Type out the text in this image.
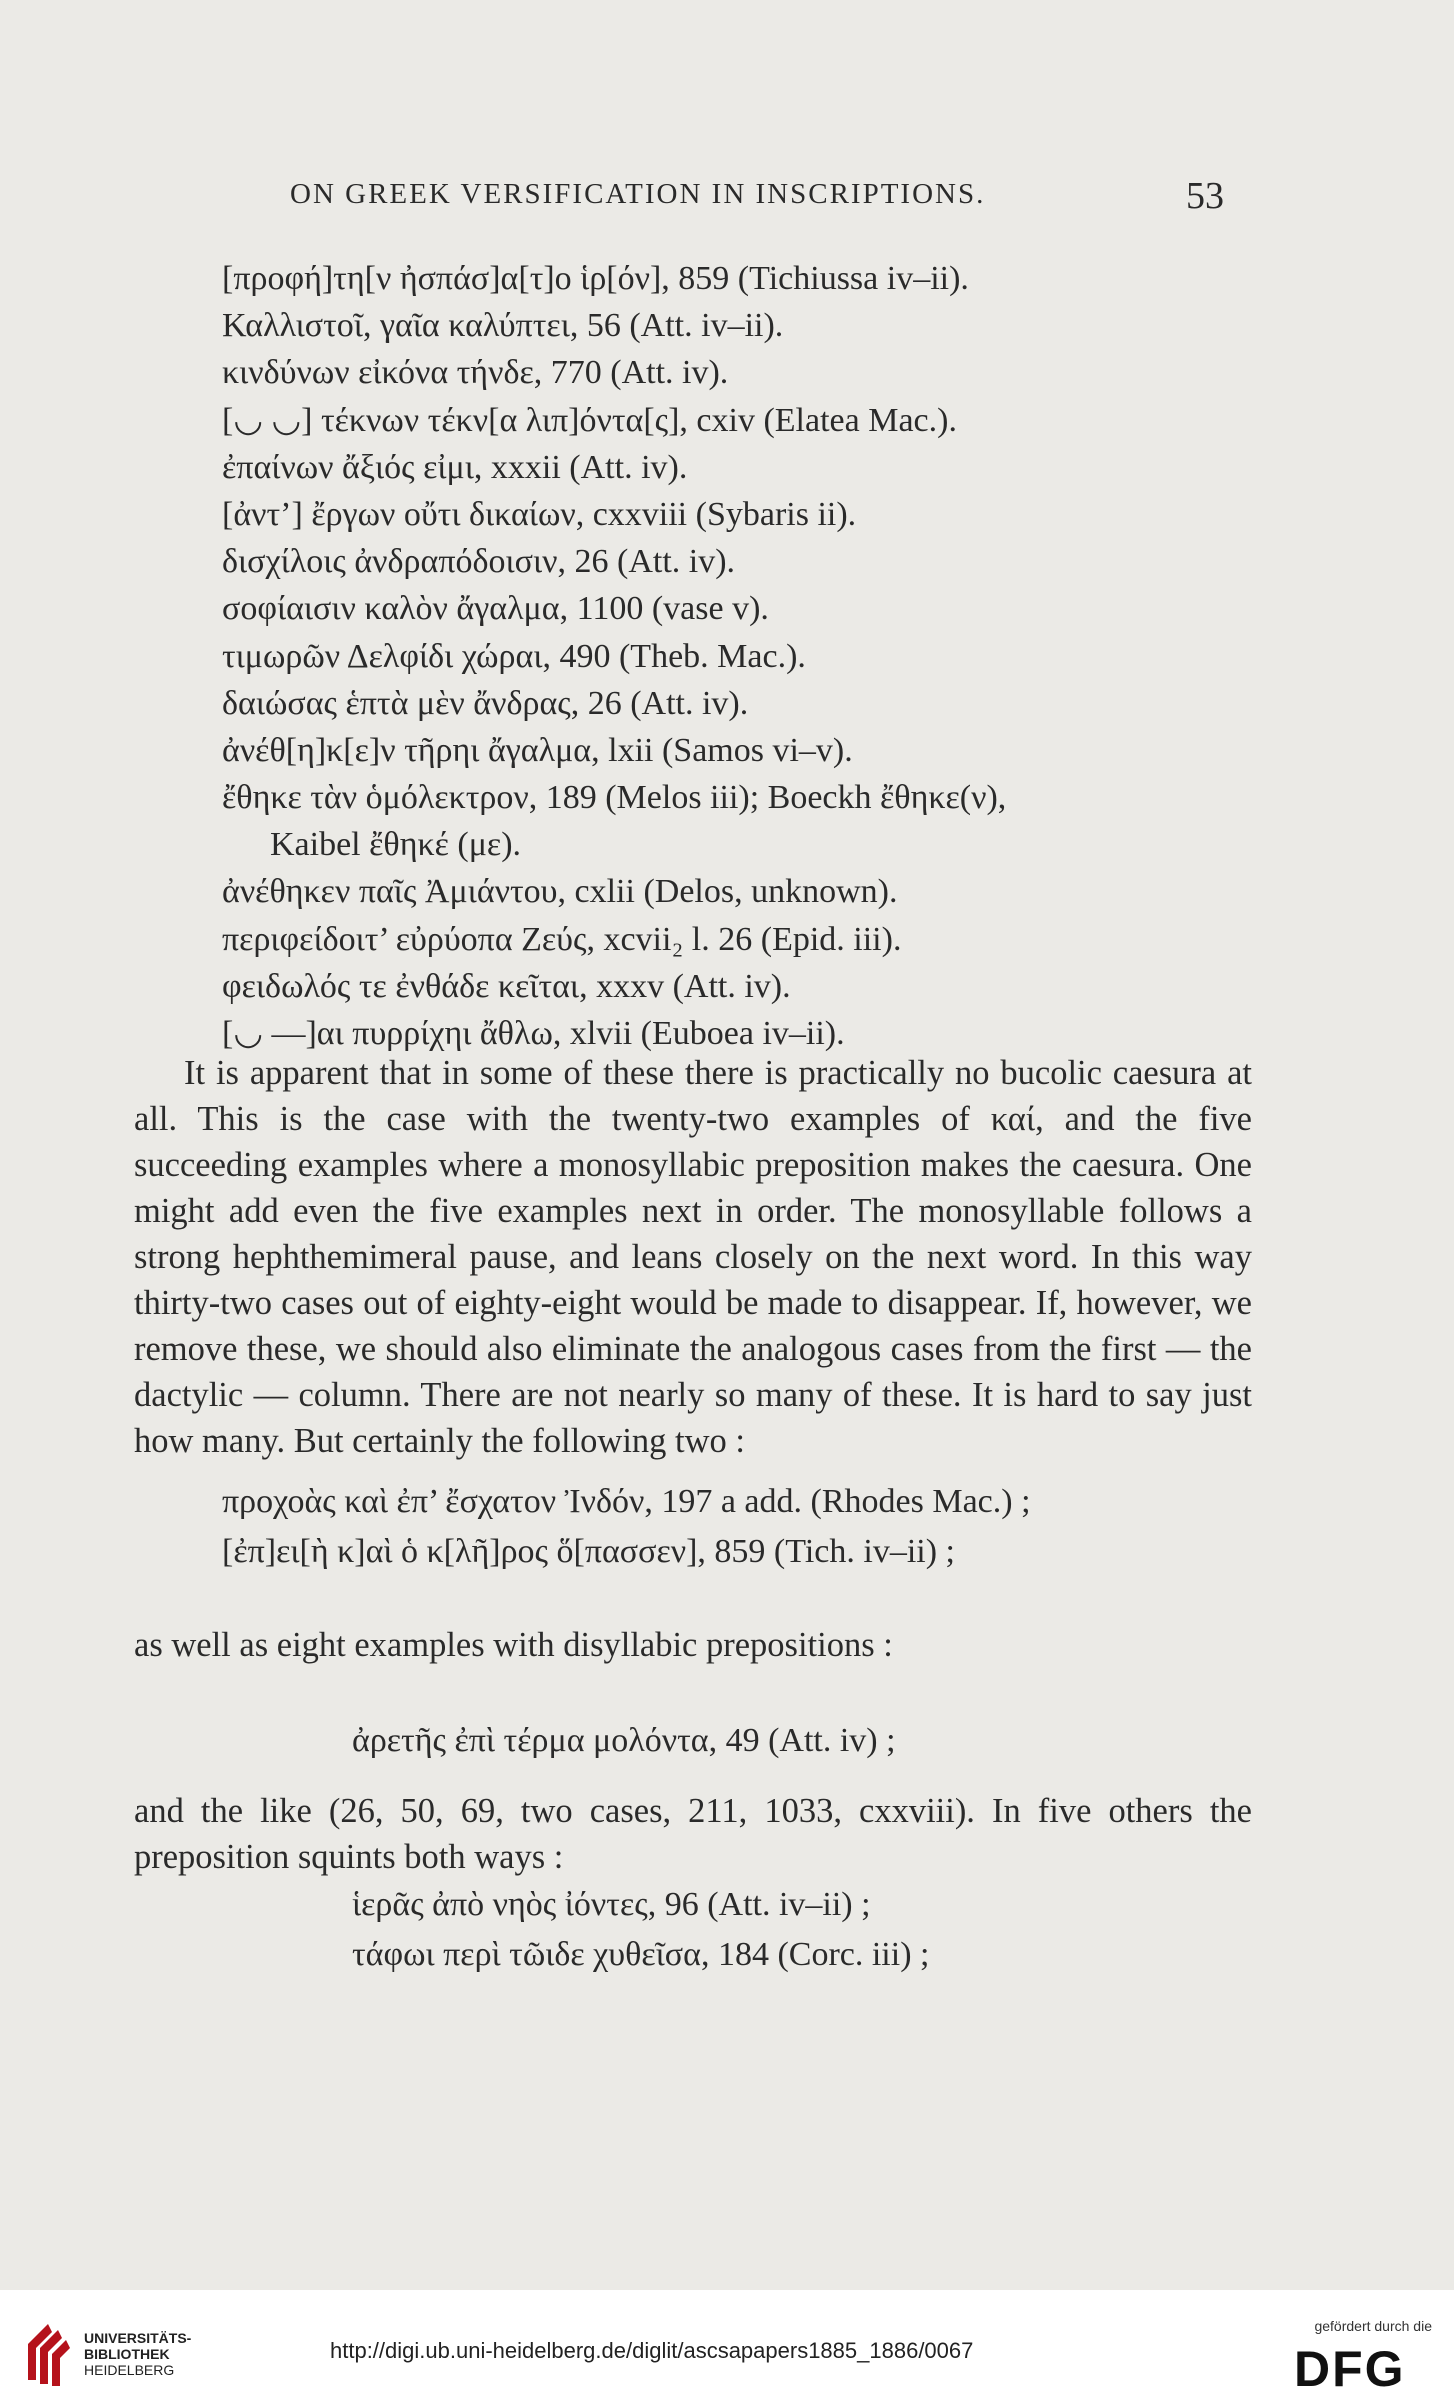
ON GREEK VERSIFICATION IN INSCRIPTIONS.	53
[προφή]τη[ν ἠσπάσ]α[τ]ο ἱρ[όν], 859 (Tichiussa iv–ii).
Καλλιστοῖ, γαῖα καλύπτει, 56 (Att. iv–ii).
κινδύνων εἰκόνα τήνδε, 770 (Att. iv).
[◡ ◡] τέκνων τέκν[α λιπ]όντα[ς], cxiv (Elatea Mac.).
ἐπαίνων ἄξιός εἰμι, xxxii (Att. iv).
[ἀντ’] ἔργων οὔτι δικαίων, cxxviii (Sybaris ii).
δισχίλοις ἀνδραπόδοισιν, 26 (Att. iv).
σοφίαισιν καλὸν ἄγαλμα, 1100 (vase v).
τιμωρῶν Δελφίδι χώραι, 490 (Theb. Mac.).
δαιώσας ἑπτὰ μὲν ἄνδρας, 26 (Att. iv).
ἀνέθ[η]κ[ε]ν τῆρηι ἄγαλμα, lxii (Samos vi–v).
ἔθηκε τὰν ὁμόλεκτρον, 189 (Melos iii); Boeckh ἔθηκε(ν),
Kaibel ἔθηκέ (με).
ἀνέθηκεν παῖς Ἀμιάντου, cxlii (Delos, unknown).
περιφείδοιτ’ εὐρύοπα Ζεύς, xcvii₂ l. 26 (Epid. iii).
φειδωλός τε ἐνθάδε κεῖται, xxxv (Att. iv).
[◡ —]αι πυρρίχηι ἄθλω, xlvii (Euboea iv–ii).

It is apparent that in some of these there is practically no bucolic caesura at all. This is the case with the twenty-two examples of καί, and the five succeeding examples where a monosyllabic preposition makes the caesura. One might add even the five examples next in order. The monosyllable follows a strong hephthemimeral pause, and leans closely on the next word. In this way thirty-two cases out of eighty-eight would be made to disappear. If, however, we remove these, we should also eliminate the analogous cases from the first — the dactylic — column. There are not nearly so many of these. It is hard to say just how many. But certainly the following two :

προχοὰς καὶ ἐπ’ ἔσχατον Ἰνδόν, 197 a add. (Rhodes Mac.) ;
[ἐπ]ει[ὴ κ]αὶ ὁ κ[λῆ]ρος ὅ[πασσεν], 859 (Tich. iv–ii) ;

as well as eight examples with disyllabic prepositions :

ἀρετῆς ἐπὶ τέρμα μολόντα, 49 (Att. iv) ;

and the like (26, 50, 69, two cases, 211, 1033, cxxviii). In five others the preposition squints both ways :

ἱερᾶς ἀπὸ νηὸς ἰόντες, 96 (Att. iv–ii) ;
τάφωι περὶ τῶιδε χυθεῖσα, 184 (Corc. iii) ;
UNIVERSITÄTS-
BIBLIOTHEK
HEIDELBERG
http://digi.ub.uni-heidelberg.de/diglit/ascsapapers1885_1886/0067
gefördert durch die
DFG
